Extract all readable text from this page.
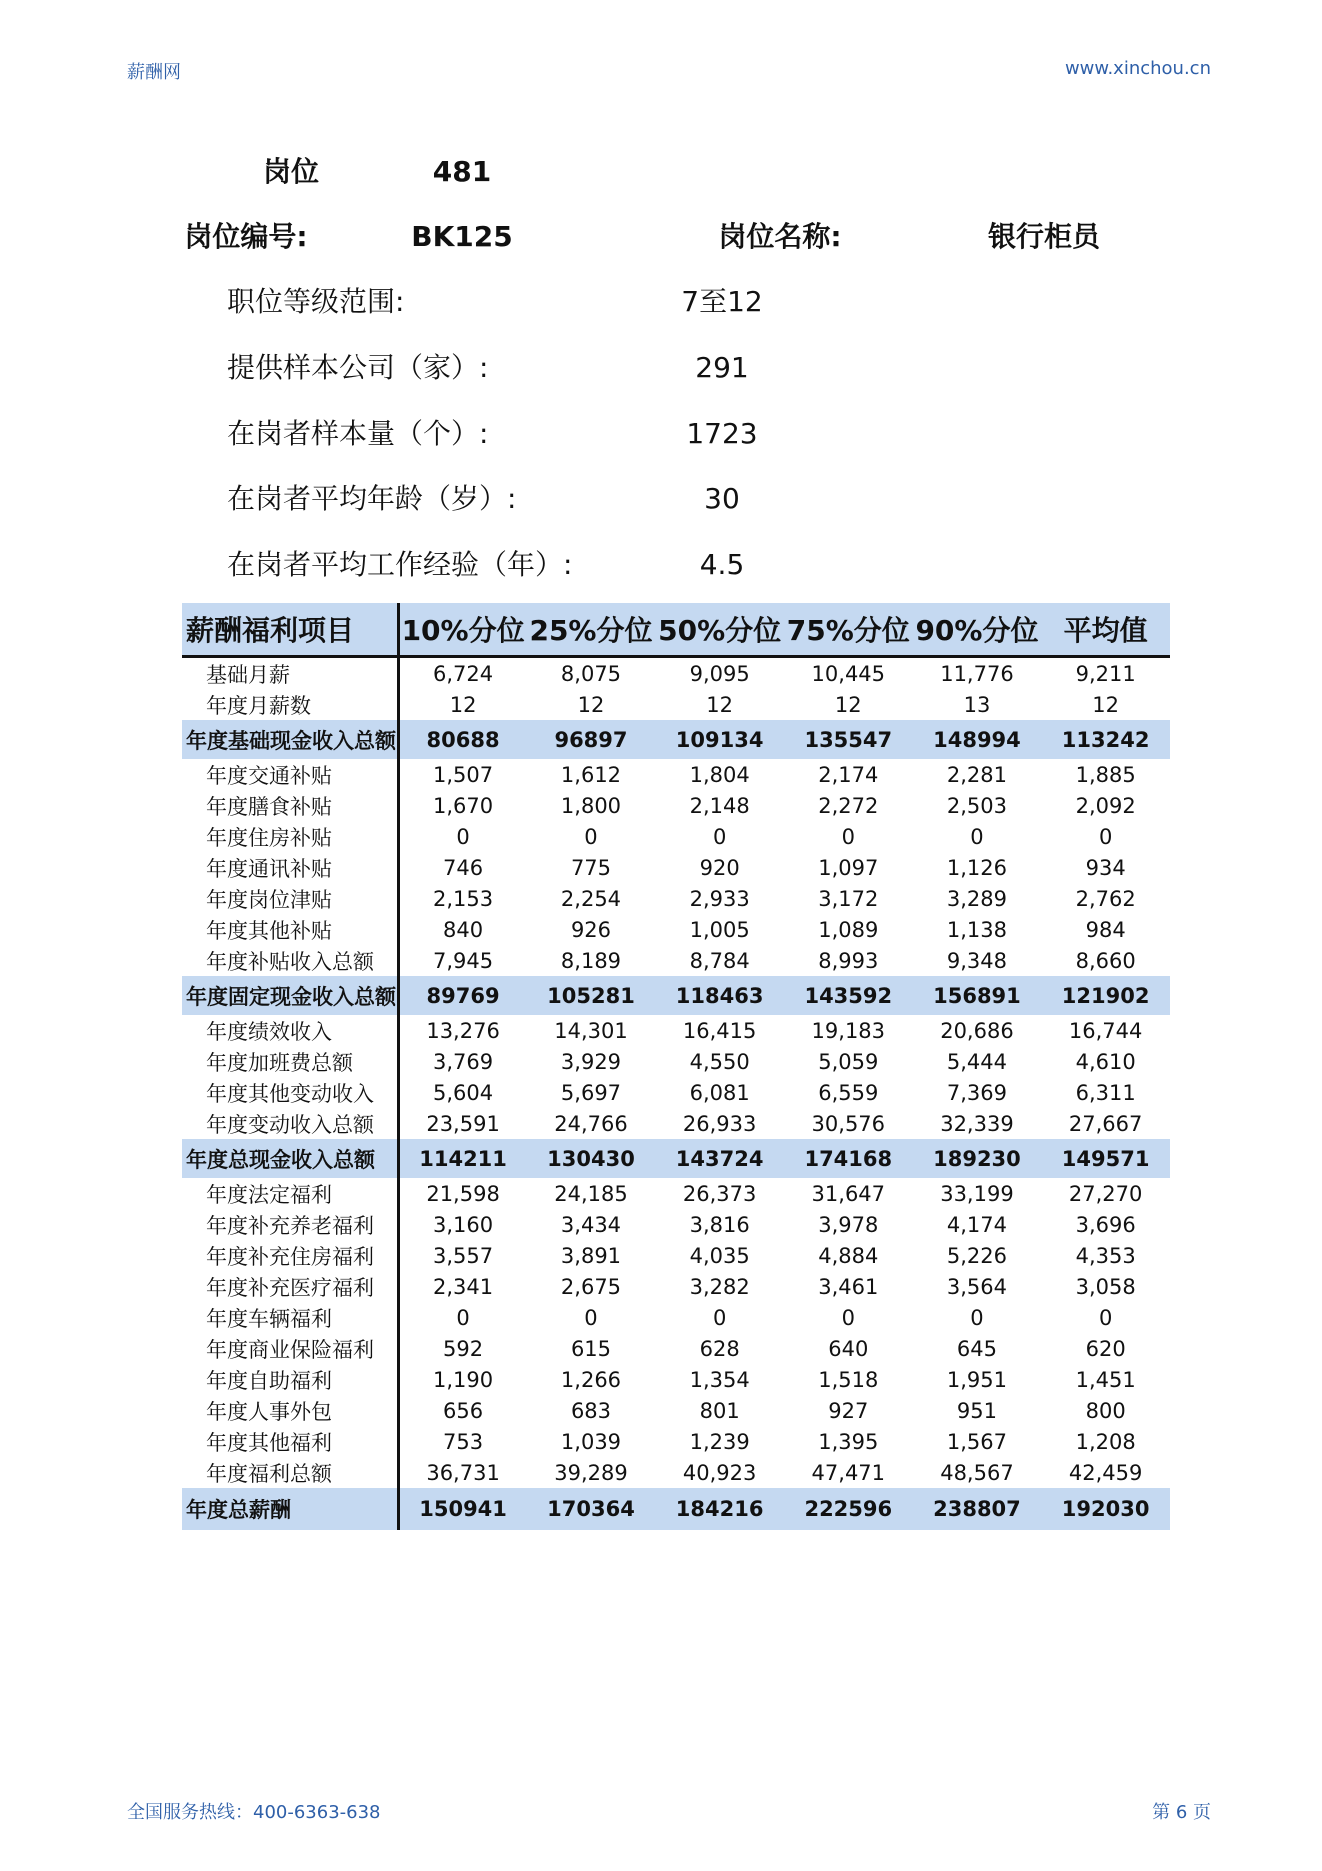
薪酬网	www.xinchou.cn
岗位	481
岗位编号:	BK125	岗位名称:	银行柜员
职位等级范围:	7至12
提供样本公司（家）:	291
在岗者样本量（个）:	1723
在岗者平均年龄（岁）:	30
在岗者平均工作经验（年）:	4.5
薪酬福利项目	10%分位	25%分位	50%分位	75%分位	90%分位	平均值
基础月薪	6,724	8,075	9,095	10,445	11,776	9,211
年度月薪数	12	12	12	12	13	12
年度基础现金收入总额	80688	96897	109134	135547	148994	113242
年度交通补贴	1,507	1,612	1,804	2,174	2,281	1,885
年度膳食补贴	1,670	1,800	2,148	2,272	2,503	2,092
年度住房补贴	0	0	0	0	0	0
年度通讯补贴	746	775	920	1,097	1,126	934
年度岗位津贴	2,153	2,254	2,933	3,172	3,289	2,762
年度其他补贴	840	926	1,005	1,089	1,138	984
年度补贴收入总额	7,945	8,189	8,784	8,993	9,348	8,660
年度固定现金收入总额	89769	105281	118463	143592	156891	121902
年度绩效收入	13,276	14,301	16,415	19,183	20,686	16,744
年度加班费总额	3,769	3,929	4,550	5,059	5,444	4,610
年度其他变动收入	5,604	5,697	6,081	6,559	7,369	6,311
年度变动收入总额	23,591	24,766	26,933	30,576	32,339	27,667
年度总现金收入总额	114211	130430	143724	174168	189230	149571
年度法定福利	21,598	24,185	26,373	31,647	33,199	27,270
年度补充养老福利	3,160	3,434	3,816	3,978	4,174	3,696
年度补充住房福利	3,557	3,891	4,035	4,884	5,226	4,353
年度补充医疗福利	2,341	2,675	3,282	3,461	3,564	3,058
年度车辆福利	0	0	0	0	0	0
年度商业保险福利	592	615	628	640	645	620
年度自助福利	1,190	1,266	1,354	1,518	1,951	1,451
年度人事外包	656	683	801	927	951	800
年度其他福利	753	1,039	1,239	1,395	1,567	1,208
年度福利总额	36,731	39,289	40,923	47,471	48,567	42,459
年度总薪酬	150941	170364	184216	222596	238807	192030
全国服务热线：400-6363-638	第 6 页
